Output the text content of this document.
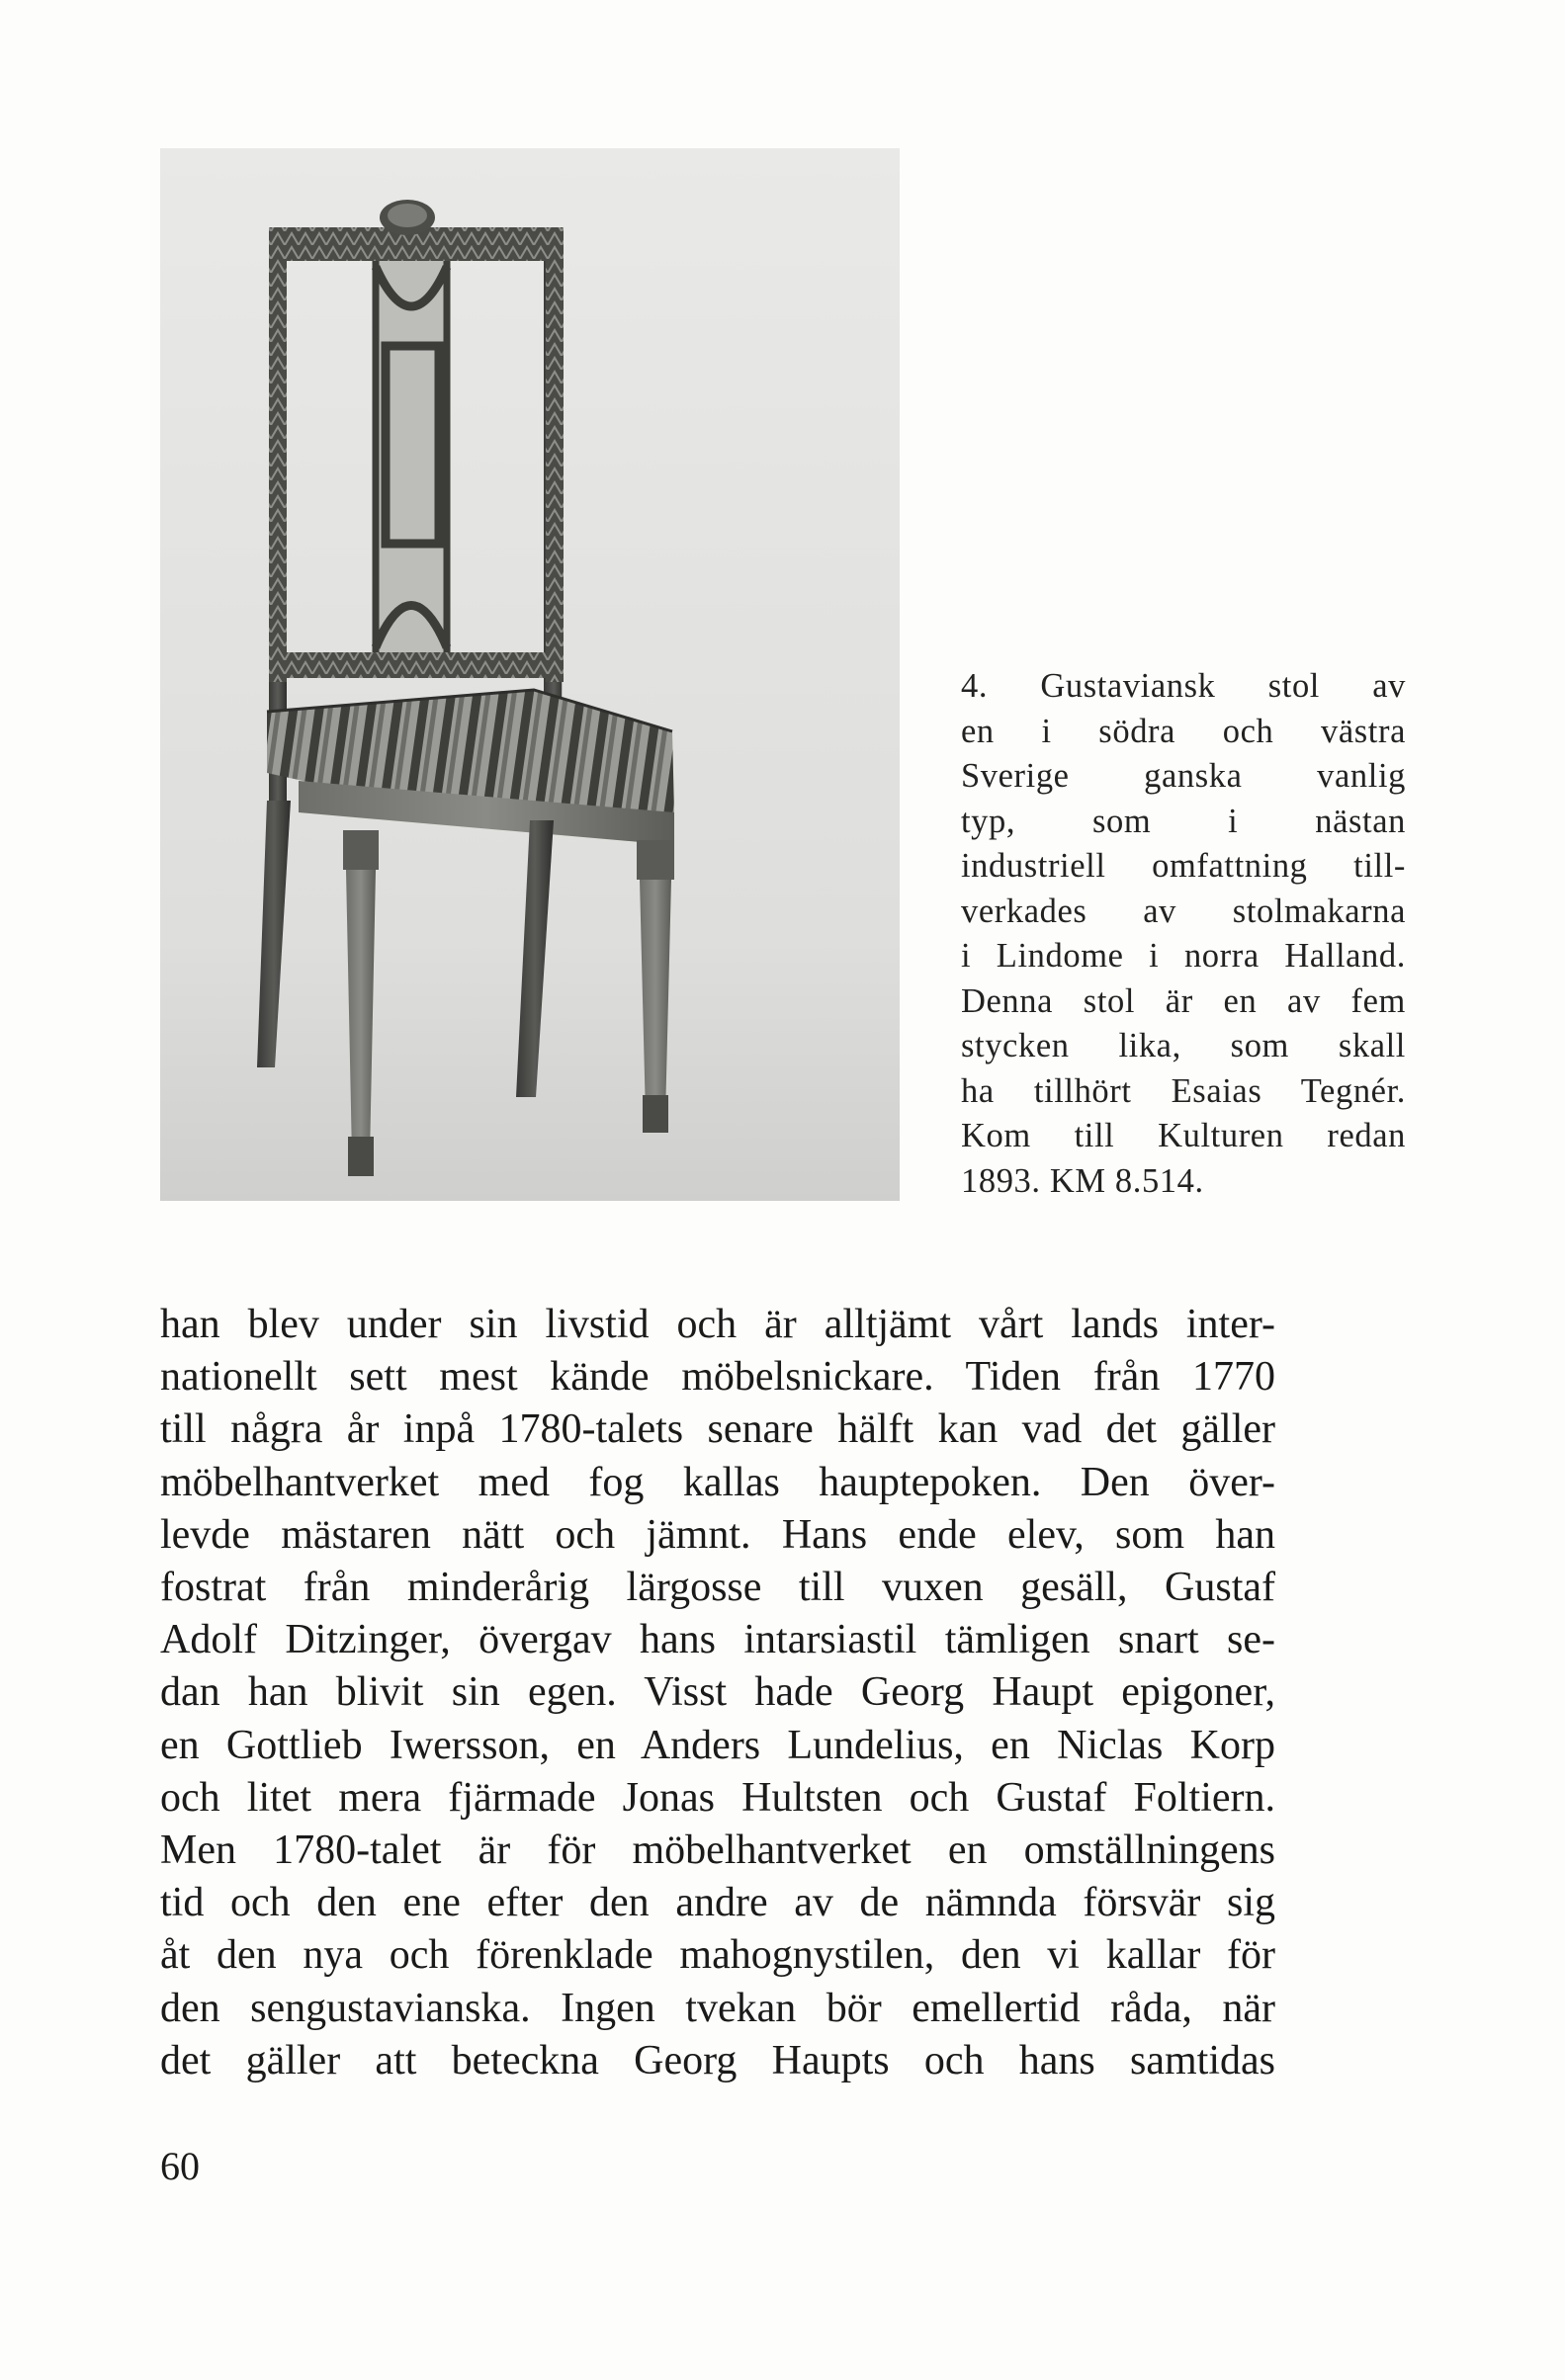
4. Gustaviansk stol av
en i södra och västra
Sverige ganska vanlig
typ, som i nästan
industriell omfattning till-
verkades av stolmakarna
i Lindome i norra Halland.
Denna stol är en av fem
stycken lika, som skall
ha tillhört Esaias Tegnér.
Kom till Kulturen redan
1893. KM 8.514.
han blev under sin livstid och är alltjämt vårt lands inter-
nationellt sett mest kände möbelsnickare. Tiden från 1770
till några år inpå 1780-talets senare hälft kan vad det gäller
möbelhantverket med fog kallas hauptepoken. Den över-
levde mästaren nätt och jämnt. Hans ende elev, som han
fostrat från minderårig lärgosse till vuxen gesäll, Gustaf
Adolf Ditzinger, övergav hans intarsiastil tämligen snart se-
dan han blivit sin egen. Visst hade Georg Haupt epigoner,
en Gottlieb Iwersson, en Anders Lundelius, en Niclas Korp
och litet mera fjärmade Jonas Hultsten och Gustaf Foltiern.
Men 1780-talet är för möbelhantverket en omställningens
tid och den ene efter den andre av de nämnda försvär sig
åt den nya och förenklade mahognystilen, den vi kallar för
den sengustavianska. Ingen tvekan bör emellertid råda, när
det gäller att beteckna Georg Haupts och hans samtidas
60
